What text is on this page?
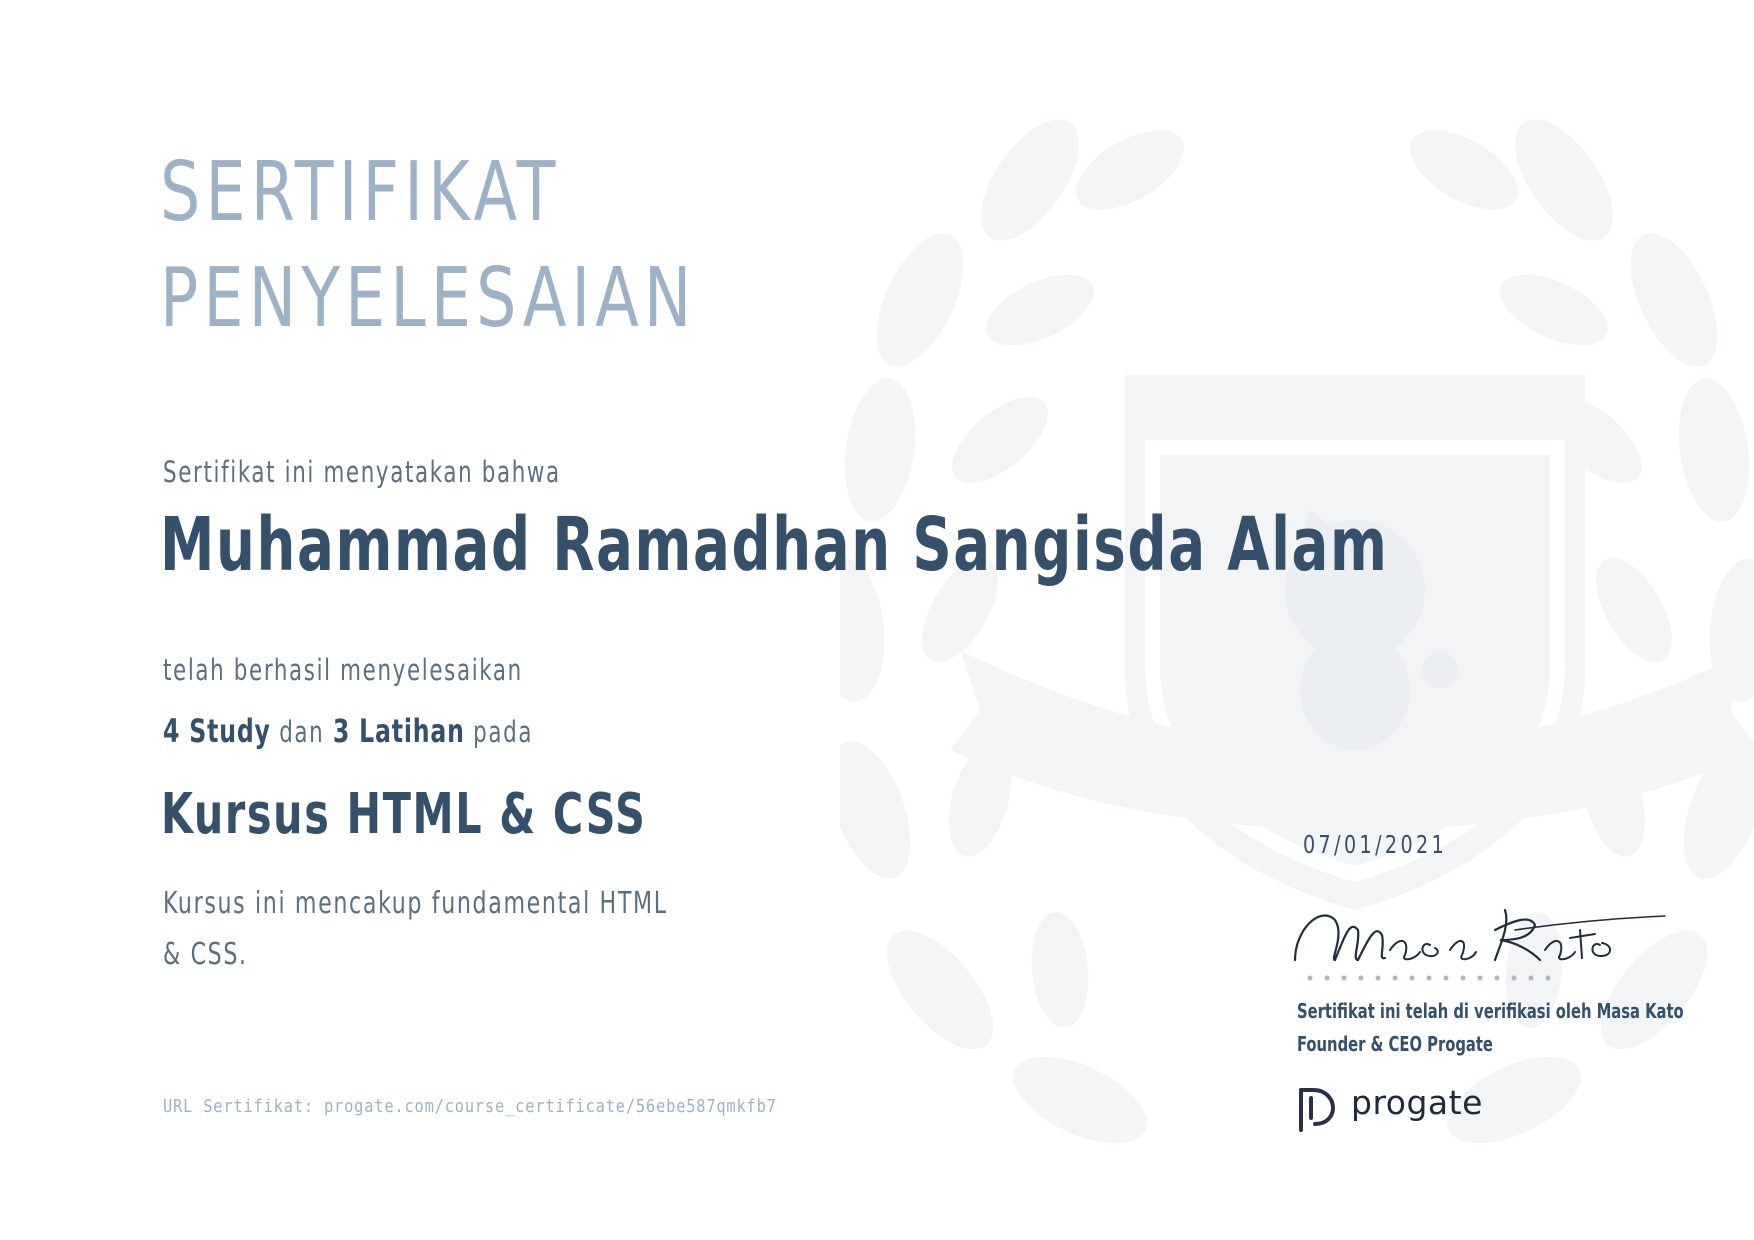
SERTIFIKAT
PENYELESAIAN
Sertifikat ini menyatakan bahwa
Muhammad Ramadhan Sangisda Alam
telah berhasil menyelesaikan
4 Study dan 3 Latihan pada
Kursus HTML & CSS
Kursus ini mencakup fundamental HTML & CSS.
URL Sertifikat: progate.com/course_certificate/56ebe587qmkfb7
07/01/2021
Sertifikat ini telah di verifikasi oleh Masa Kato
Founder & CEO Progate
progate
